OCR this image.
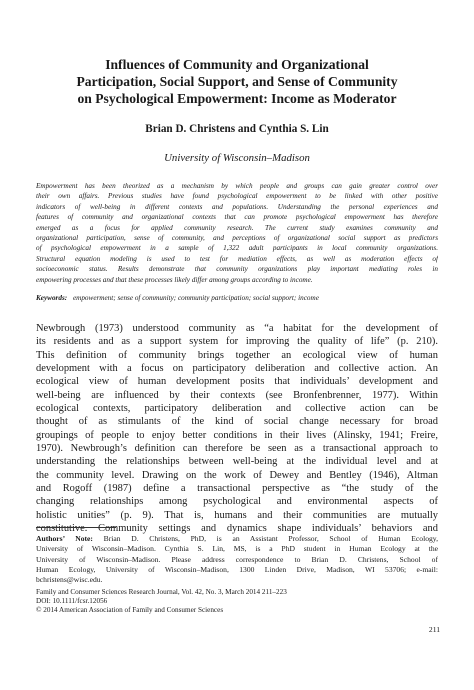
Influences of Community and Organizational
Participation, Social Support, and Sense of Community
on Psychological Empowerment: Income as Moderator
Brian D. Christens and Cynthia S. Lin
University of Wisconsin–Madison
Empowerment has been theorized as a mechanism by which people and groups can gain greater control over
their own affairs. Previous studies have found psychological empowerment to be linked with other positive
indicators of well-being in different contexts and populations. Understanding the personal experiences and
features of community and organizational contexts that can promote psychological empowerment has therefore
emerged as a focus for applied community research. The current study examines community and
organizational participation, sense of community, and perceptions of organizational social support as predictors
of psychological empowerment in a sample of 1,322 adult participants in local community organizations.
Structural equation modeling is used to test for mediation effects, as well as moderation effects of
socioeconomic status. Results demonstrate that community organizations play important mediating roles in
empowering processes and that these processes likely differ among groups according to income.
Keywords: empowerment; sense of community; community participation; social support; income
Newbrough (1973) understood community as “a habitat for the development of
its residents and as a support system for improving the quality of life” (p. 210).
This definition of community brings together an ecological view of human
development with a focus on participatory deliberation and collective action. An
ecological view of human development posits that individuals’ development and
well-being are influenced by their contexts (see Bronfenbrenner, 1977). Within
ecological contexts, participatory deliberation and collective action can be
thought of as stimulants of the kind of social change necessary for broad
groupings of people to enjoy better conditions in their lives (Alinsky, 1941; Freire,
1970). Newbrough’s definition can therefore be seen as a transactional approach to
understanding the relationships between well-being at the individual level and at
the community level. Drawing on the work of Dewey and Bentley (1946), Altman
and Rogoff (1987) define a transactional perspective as “the study of the
changing relationships among psychological and environmental aspects of
holistic unities” (p. 9). That is, humans and their communities are mutually
constitutive. Community settings and dynamics shape individuals’ behaviors and
Authors’ Note: Brian D. Christens, PhD, is an Assistant Professor, School of Human Ecology,
University of Wisconsin–Madison. Cynthia S. Lin, MS, is a PhD student in Human Ecology at the
University of Wisconsin–Madison. Please address correspondence to Brian D. Christens, School of
Human Ecology, University of Wisconsin–Madison, 1300 Linden Drive, Madison, WI 53706; e-mail:
bchristens@wisc.edu.
Family and Consumer Sciences Research Journal, Vol. 42, No. 3, March 2014 211–223
DOI: 10.1111/fcsr.12056
© 2014 American Association of Family and Consumer Sciences
211
